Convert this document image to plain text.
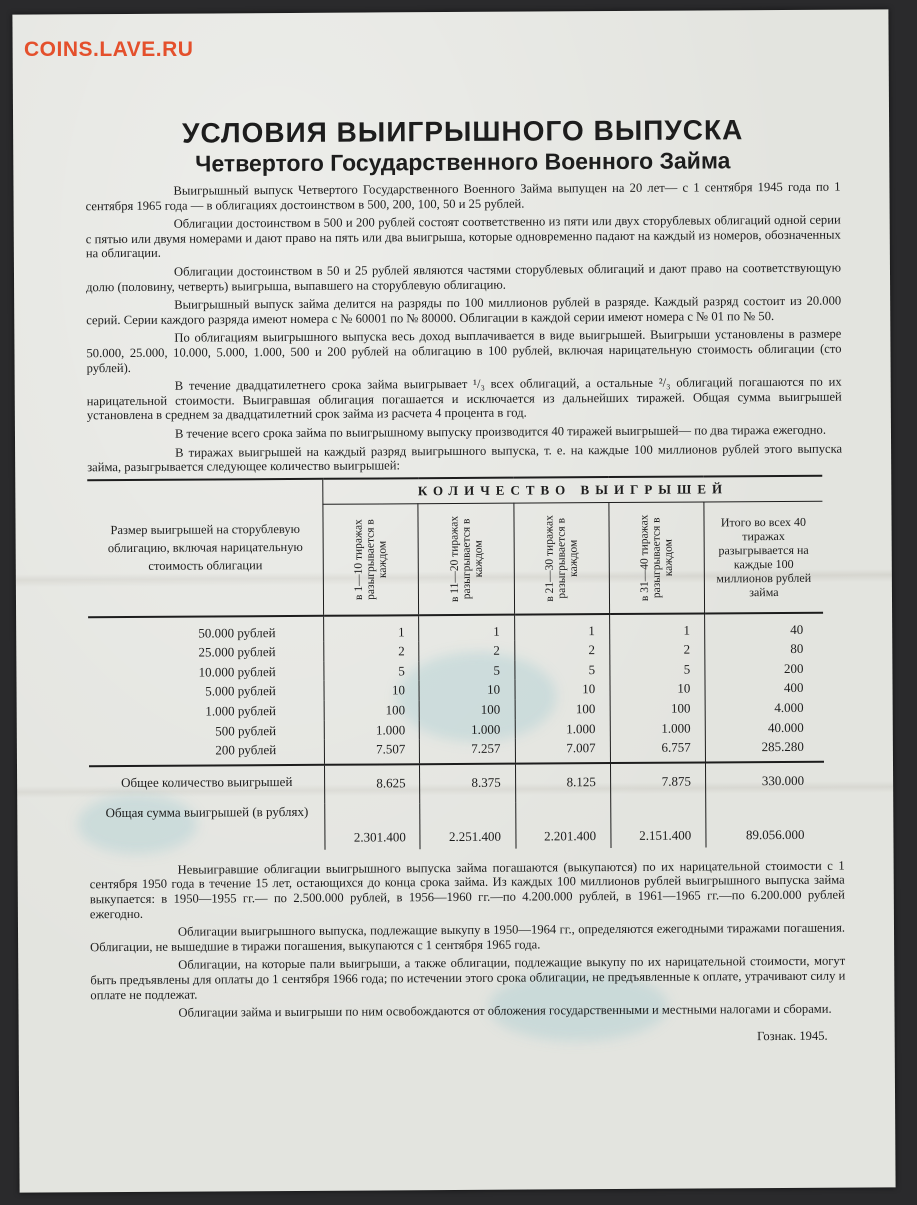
УСЛОВИЯ ВЫИГРЫШНОГО ВЫПУСКА
Четвертого Государственного Военного Займа

Выигрышный выпуск Четвертого Государственного Военного Займа выпущен на 20 лет— с 1 сентября 1945 года по 1 сентября 1965 года — в облигациях достоинством в 500, 200, 100, 50 и 25 рублей.

Облигации достоинством в 500 и 200 рублей состоят соответственно из пяти или двух сторублевых облигаций одной серии с пятью или двумя номерами и дают право на пять или два выигрыша, которые одновременно падают на каждый из номеров, обозначенных на облигации.

Облигации достоинством в 50 и 25 рублей являются частями сторублевых облигаций и дают право на соответствующую долю (половину, четверть) выигрыша, выпавшего на сторублевую облигацию.

Выигрышный выпуск займа делится на разряды по 100 миллионов рублей в разряде. Каждый разряд состоит из 20.000 серий. Серии каждого разряда имеют номера с № 60001 по № 80000. Облигации в каждой серии имеют номера с № 01 по № 50.

По облигациям выигрышного выпуска весь доход выплачивается в виде выигрышей. Выигрыши установлены в размере 50.000, 25.000, 10.000, 5.000, 1.000, 500 и 200 рублей на облигацию в 100 рублей, включая нарицательную стоимость облигации (сто рублей).

В течение двадцатилетнего срока займа выигрывает ¹/₃ всех облигаций, а остальные ²/₃ облигаций погашаются по их нарицательной стоимости. Выигравшая облигация погашается и исключается из дальнейших тиражей. Общая сумма выигрышей установлена в среднем за двадцатилетний срок займа из расчета 4 процента в год.

В течение всего срока займа по выигрышному выпуску производится 40 тиражей выигрышей— по два тиража ежегодно.

В тиражах выигрышей на каждый разряд выигрышного выпуска, т. е. на каждые 100 миллионов рублей этого выпуска займа, разыгрывается следующее количество выигрышей:

Размер выигрышей на сторублевую облигацию, включая нарицательную стоимость облигации	КОЛИЧЕСТВО ВЫИГРЫШЕЙ				

	в 1—10 тиражах разыгрывается в каждом	в 11—20 тиражах разыгрывается в каждом	в 21—30 тиражах разыгрывается в каждом	в 31—40 тиражах разыгрывается в каждом	Итого во всех 40 тиражах разыгрывается на каждые 100 миллионов рублей займа
50.000 рублей	1	1	1	1	40
25.000 рублей	2	2	2	2	80
10.000 рублей	5	5	5	5	200
5.000 рублей	10	10	10	10	400
1.000 рублей	100	100	100	100	4.000
500 рублей	1.000	1.000	1.000	1.000	40.000
200 рублей	7.507	7.257	7.007	6.757	285.280
Общее количество выигрышей	8.625	8.375	8.125	7.875	330.000
Общая сумма выигрышей (в рублях)	2.301.400	2.251.400	2.201.400	2.151.400	89.056.000

Невыигравшие облигации выигрышного выпуска займа погашаются (выкупаются) по их нарицательной стоимости с 1 сентября 1950 года в течение 15 лет, остающихся до конца срока займа. Из каждых 100 миллионов рублей выигрышного выпуска займа выкупается: в 1950—1955 гг.— по 2.500.000 рублей, в 1956—1960 гг.—по 4.200.000 рублей, в 1961—1965 гг.—по 6.200.000 рублей ежегодно.

Облигации выигрышного выпуска, подлежащие выкупу в 1950—1964 гг., определяются ежегодными тиражами погашения. Облигации, не вышедшие в тиражи погашения, выкупаются с 1 сентября 1965 года.

Облигации, на которые пали выигрыши, а также облигации, подлежащие выкупу по их нарицательной стоимости, могут быть предъявлены для оплаты до 1 сентября 1966 года; по истечении этого срока облигации, не предъявленные к оплате, утрачивают силу и оплате не подлежат.

Облигации займа и выигрыши по ним освобождаются от обложения государственными и местными налогами и сборами.

Гознак. 1945.
COINS.LAVE.RU
